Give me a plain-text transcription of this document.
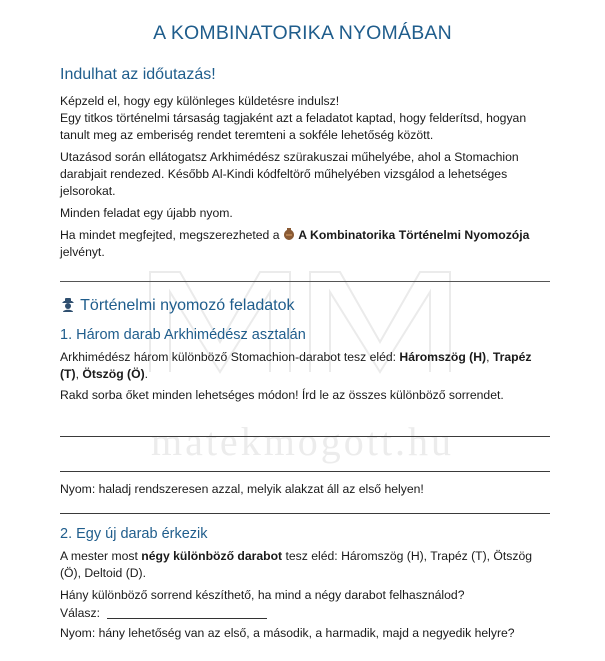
matekmogott.hu
A KOMBINATORIKA NYOMÁBAN
Indulhat az időutazás!

Képzeld el, hogy egy különleges küldetésre indulsz!

Egy titkos történelmi társaság tagjaként azt a feladatot kaptad, hogy felderítsd, hogyan tanult meg az emberiség rendet teremteni a sokféle lehetőség között.

Utazásod során ellátogatsz Arkhimédész szürakuszai műhelyébe, ahol a Stomachion darabjait rendezed. Később Al-Kindi kódfeltörő műhelyében vizsgálod a lehetséges jelsorokat.

Minden feladat egy újabb nyom.

Ha mindet megfejted, megszerezheted a A Kombinatorika Történelmi Nyomozója jelvényt.

Történelmi nyomozó feladatok
1. Három darab Arkhimédész asztalán

Arkhimédész három különböző Stomachion-darabot tesz eléd: Háromszög (H), Trapéz (T), Ötszög (Ö).

Rakd sorba őket minden lehetséges módon! Írd le az összes különböző sorrendet.

Nyom: haladj rendszeresen azzal, melyik alakzat áll az első helyen!

2. Egy új darab érkezik

A mester most négy különböző darabot tesz eléd: Háromszög (H), Trapéz (T), Ötszög (Ö), Deltoid (D).

Hány különböző sorrend készíthető, ha mind a négy darabot felhasználod?

Válasz:

Nyom: hány lehetőség van az első, a második, a harmadik, majd a negyedik helyre?
